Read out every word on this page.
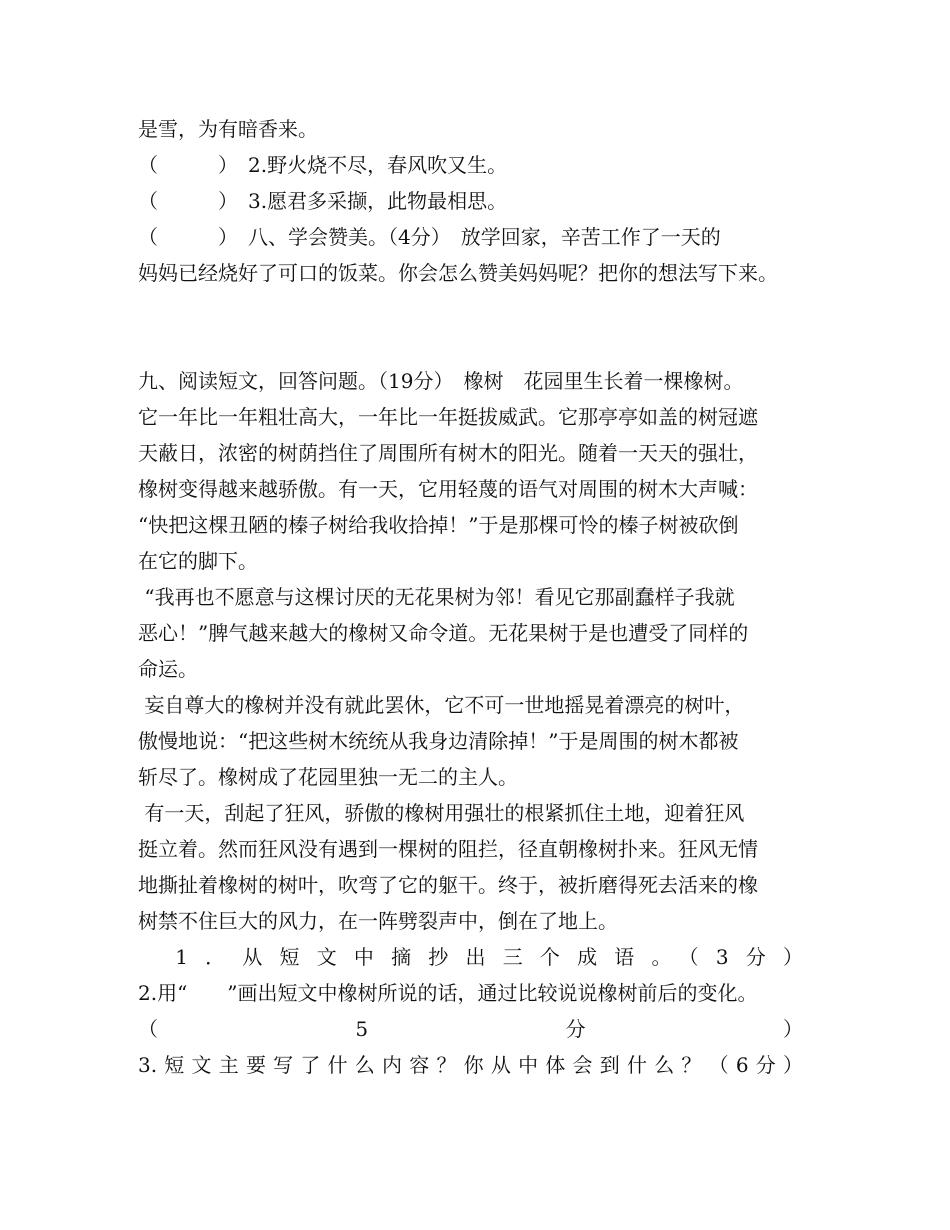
是雪，为有暗香来。
（　　　）　2.野火烧不尽，春风吹又生。
（　　　）　3.愿君多采撷，此物最相思。
（　　　）　八、学会赞美。（4分）　放学回家，辛苦工作了一天的
妈妈已经烧好了可口的饭菜。你会怎么赞美妈妈呢？把你的想法写下来。
九、阅读短文，回答问题。（19分）　橡树　花园里生长着一棵橡树。
它一年比一年粗壮高大，一年比一年挺拔威武。它那亭亭如盖的树冠遮
天蔽日，浓密的树荫挡住了周围所有树木的阳光。随着一天天的强壮，
橡树变得越来越骄傲。有一天，它用轻蔑的语气对周围的树木大声喊：
“快把这棵丑陋的榛子树给我收拾掉！”于是那棵可怜的榛子树被砍倒
在它的脚下。
“我再也不愿意与这棵讨厌的无花果树为邻！看见它那副蠢样子我就
恶心！”脾气越来越大的橡树又命令道。无花果树于是也遭受了同样的
命运。
妄自尊大的橡树并没有就此罢休，它不可一世地摇晃着漂亮的树叶，
傲慢地说：“把这些树木统统从我身边清除掉！”于是周围的树木都被
斩尽了。橡树成了花园里独一无二的主人。
有一天，刮起了狂风，骄傲的橡树用强壮的根紧抓住土地，迎着狂风
挺立着。然而狂风没有遇到一棵树的阻拦，径直朝橡树扑来。狂风无情
地撕扯着橡树的树叶，吹弯了它的躯干。终于，被折磨得死去活来的橡
树禁不住巨大的风力，在一阵劈裂声中，倒在了地上。
　1．从短文中摘抄出三个成语。（3分）
2.用“　　”画出短文中橡树所说的话，通过比较说说橡树前后的变化。
（　　　5　　　分　　　）
3.短文主要写了什么内容？你从中体会到什么？（6分）
